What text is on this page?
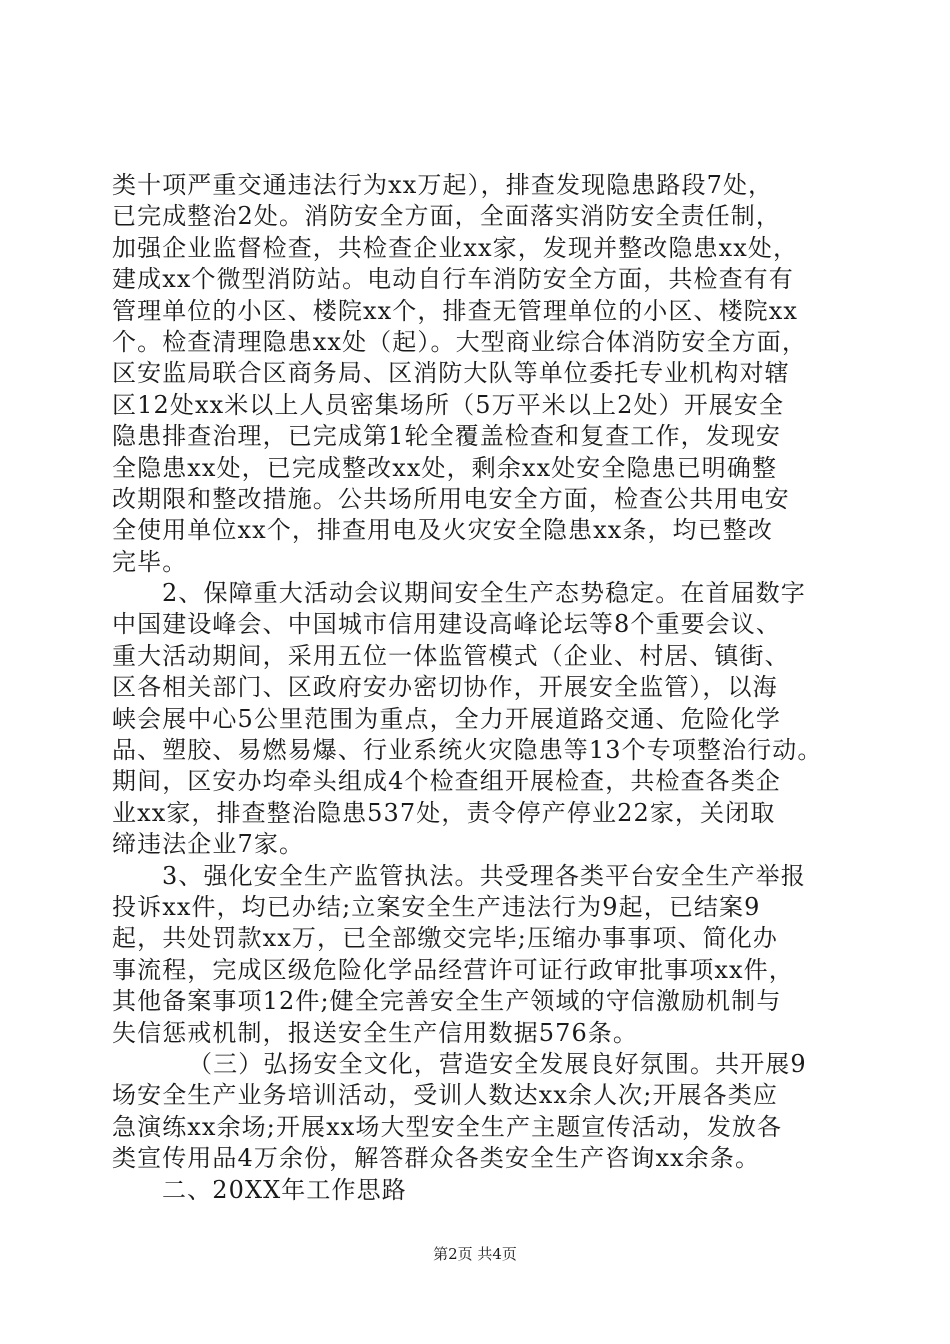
类十项严重交通违法行为xx万起），排查发现隐患路段7处，
已完成整治2处。消防安全方面，全面落实消防安全责任制，
加强企业监督检查，共检查企业xx家，发现并整改隐患xx处，
建成xx个微型消防站。电动自行车消防安全方面，共检查有有
管理单位的小区、楼院xx个，排查无管理单位的小区、楼院xx
个。检查清理隐患xx处（起）。大型商业综合体消防安全方面，
区安监局联合区商务局、区消防大队等单位委托专业机构对辖
区12处xx米以上人员密集场所（5万平米以上2处）开展安全
隐患排查治理，已完成第1轮全覆盖检查和复查工作，发现安
全隐患xx处，已完成整改xx处，剩余xx处安全隐患已明确整
改期限和整改措施。公共场所用电安全方面，检查公共用电安
全使用单位xx个，排查用电及火灾安全隐患xx条，均已整改
完毕。
2、保障重大活动会议期间安全生产态势稳定。在首届数字
中国建设峰会、中国城市信用建设高峰论坛等8个重要会议、
重大活动期间，采用五位一体监管模式（企业、村居、镇街、
区各相关部门、区政府安办密切协作，开展安全监管），以海
峡会展中心5公里范围为重点，全力开展道路交通、危险化学
品、塑胶、易燃易爆、行业系统火灾隐患等13个专项整治行动。
期间，区安办均牵头组成4个检查组开展检查，共检查各类企
业xx家，排查整治隐患537处，责令停产停业22家，关闭取
缔违法企业7家。
3、强化安全生产监管执法。共受理各类平台安全生产举报
投诉xx件，均已办结;立案安全生产违法行为9起，已结案9
起，共处罚款xx万，已全部缴交完毕;压缩办事事项、简化办
事流程，完成区级危险化学品经营许可证行政审批事项xx件，
其他备案事项12件;健全完善安全生产领域的守信激励机制与
失信惩戒机制，报送安全生产信用数据576条。
（三）弘扬安全文化，营造安全发展良好氛围。共开展9
场安全生产业务培训活动，受训人数达xx余人次;开展各类应
急演练xx余场;开展xx场大型安全生产主题宣传活动，发放各
类宣传用品4万余份，解答群众各类安全生产咨询xx余条。
二、20XX年工作思路
第2页 共4页
